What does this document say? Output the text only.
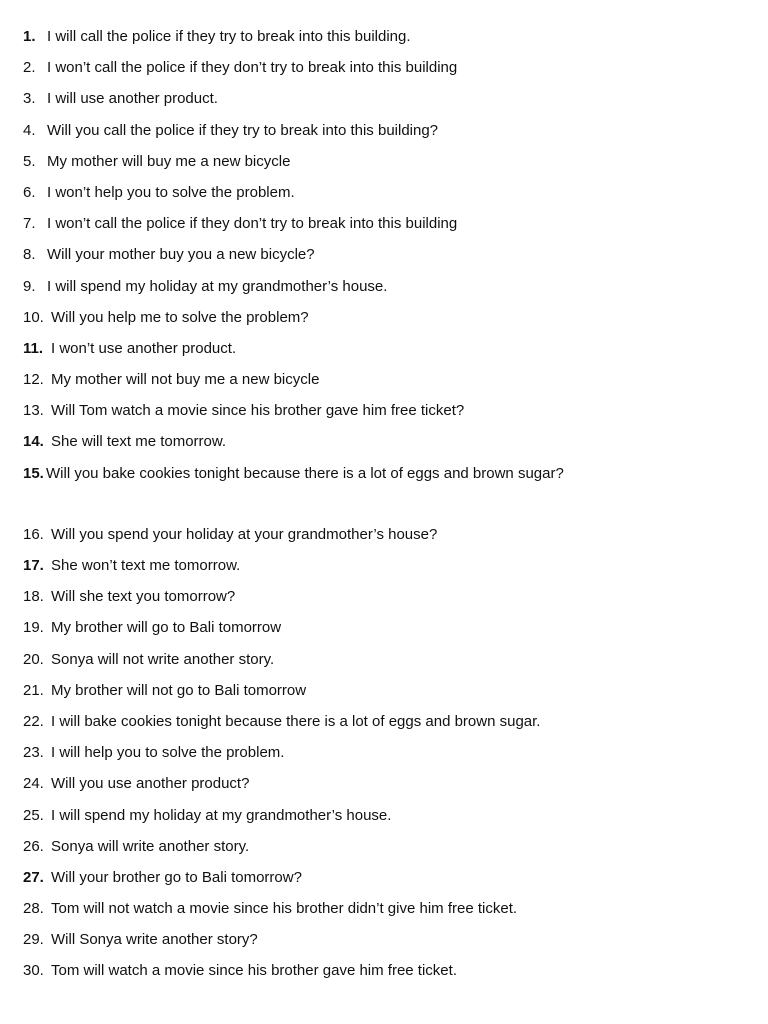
1. I will call the police if they try to break into this building.
2. I won’t call the police if they don’t try to break into this building
3. I will use another product.
4. Will you call the police if they try to break into this building?
5. My mother will buy me a new bicycle
6. I won’t help you to solve the problem.
7. I won’t call the police if they don’t try to break into this building
8. Will your mother buy you a new bicycle?
9. I will spend my holiday at my grandmother’s house.
10. Will you help me to solve the problem?
11. I won’t use another product.
12. My mother will not buy me a new bicycle
13. Will Tom watch a movie since his brother gave him free ticket?
14. She will text me tomorrow.
15. Will you bake cookies tonight because there is a lot of eggs and brown sugar?
16. Will you spend your holiday at your grandmother’s house?
17. She won’t text me tomorrow.
18. Will she text you tomorrow?
19. My brother will go to Bali tomorrow
20. Sonya will not write another story.
21. My brother will not go to Bali tomorrow
22. I will bake cookies tonight because there is a lot of eggs and brown sugar.
23. I will help you to solve the problem.
24. Will you use another product?
25. I will spend my holiday at my grandmother’s house.
26. Sonya will write another story.
27. Will your brother go to Bali tomorrow?
28. Tom will not watch a movie since his brother didn’t give him free ticket.
29. Will Sonya write another story?
30. Tom will watch a movie since his brother gave him free ticket.
